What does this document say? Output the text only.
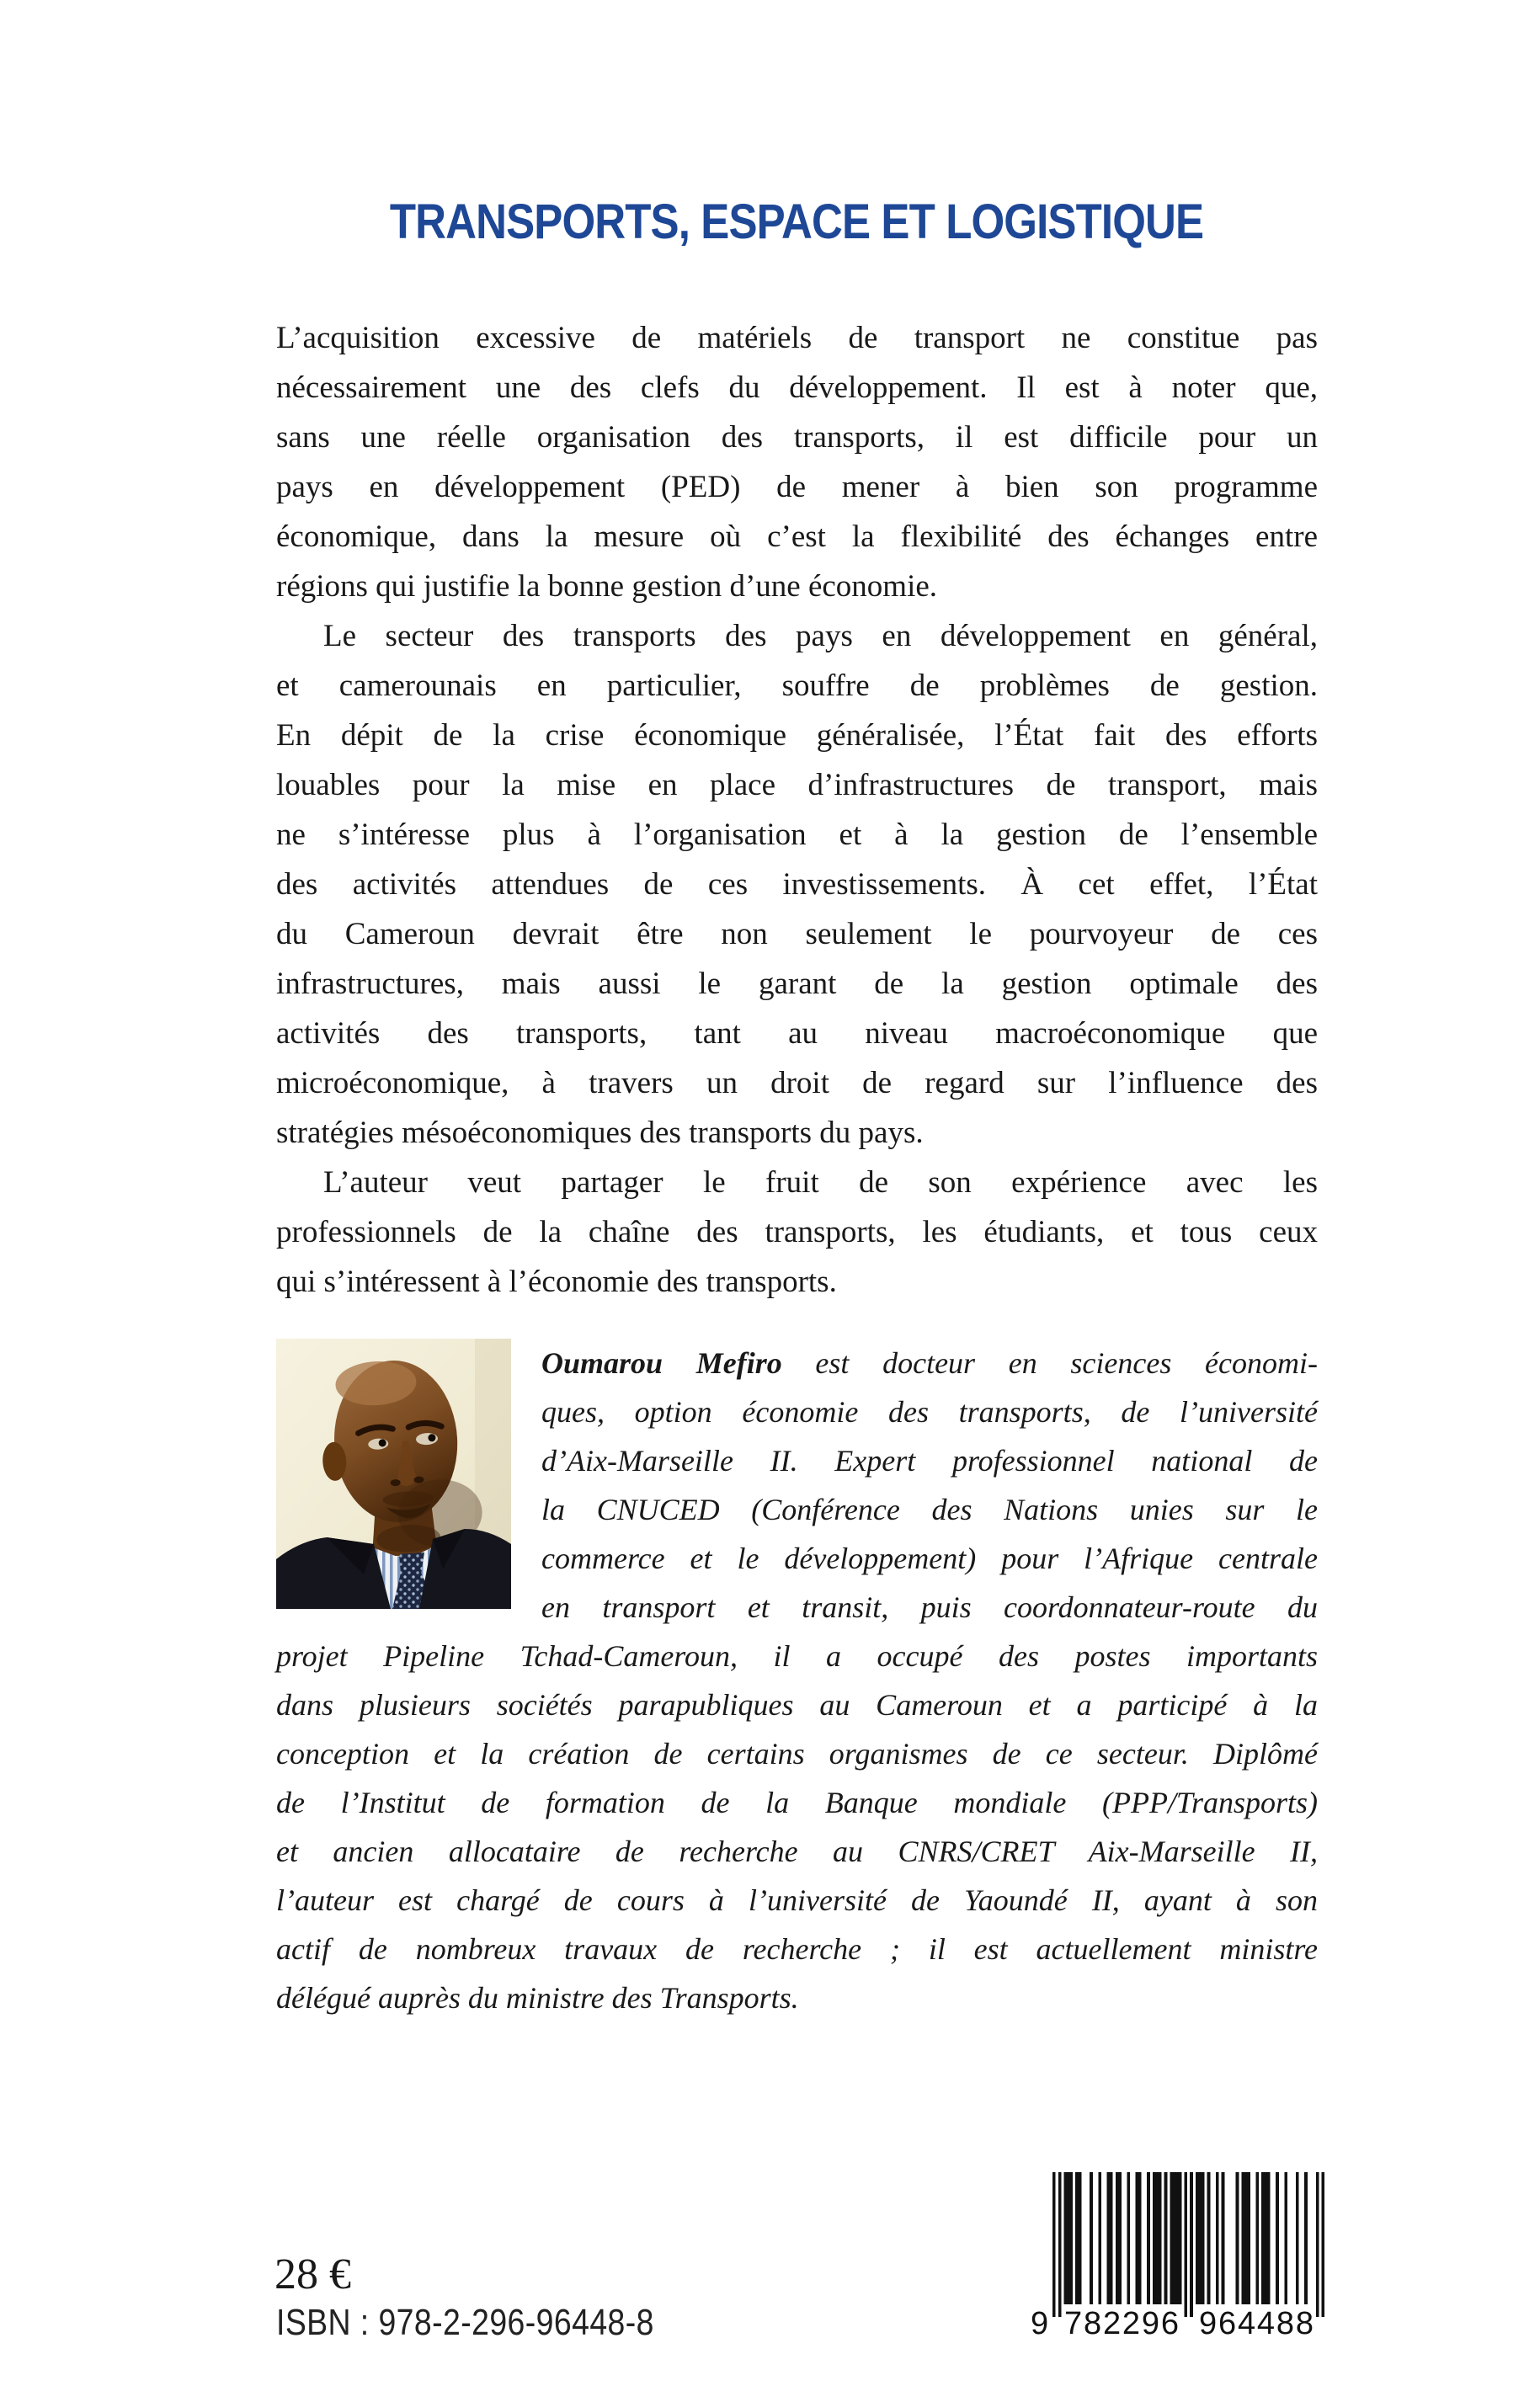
TRANSPORTS, ESPACE ET LOGISTIQUE
L’acquisition excessive de matériels de transport ne constitue pas
nécessairement une des clefs du développement. Il est à noter que,
sans une réelle organisation des transports, il est difficile pour un
pays en développement (PED) de mener à bien son programme
économique, dans la mesure où c’est la flexibilité des échanges entre
régions qui justifie la bonne gestion d’une économie.
Le secteur des transports des pays en développement en général,
et camerounais en particulier, souffre de problèmes de gestion.
En dépit de la crise économique généralisée, l’État fait des efforts
louables pour la mise en place d’infrastructures de transport, mais
ne s’intéresse plus à l’organisation et à la gestion de l’ensemble
des activités attendues de ces investissements. À cet effet, l’État
du Cameroun devrait être non seulement le pourvoyeur de ces
infrastructures, mais aussi le garant de la gestion optimale des
activités des transports, tant au niveau macroéconomique que
microéconomique, à travers un droit de regard sur l’influence des
stratégies mésoéconomiques des transports du pays.
L’auteur veut partager le fruit de son expérience avec les
professionnels de la chaîne des transports, les étudiants, et tous ceux
qui s’intéressent à l’économie des transports.
Oumarou Mefiro est docteur en sciences économi-
ques, option économie des transports, de l’université
d’Aix-Marseille II. Expert professionnel national de
la CNUCED (Conférence des Nations unies sur le
commerce et le développement) pour l’Afrique centrale
en transport et transit, puis coordonnateur-route du
projet Pipeline Tchad-Cameroun, il a occupé des postes importants
dans plusieurs sociétés parapubliques au Cameroun et a participé à la
conception et la création de certains organismes de ce secteur. Diplômé
de l’Institut de formation de la Banque mondiale (PPP/Transports)
et ancien allocataire de recherche au CNRS/CRET Aix-Marseille II,
l’auteur est chargé de cours à l’université de Yaoundé II, ayant à son
actif de nombreux travaux de recherche ; il est actuellement ministre
délégué auprès du ministre des Transports.
28 €
ISBN : 978-2-296-96448-8	9 7 8 2 2 9 6 9 6 4 4 8 8
